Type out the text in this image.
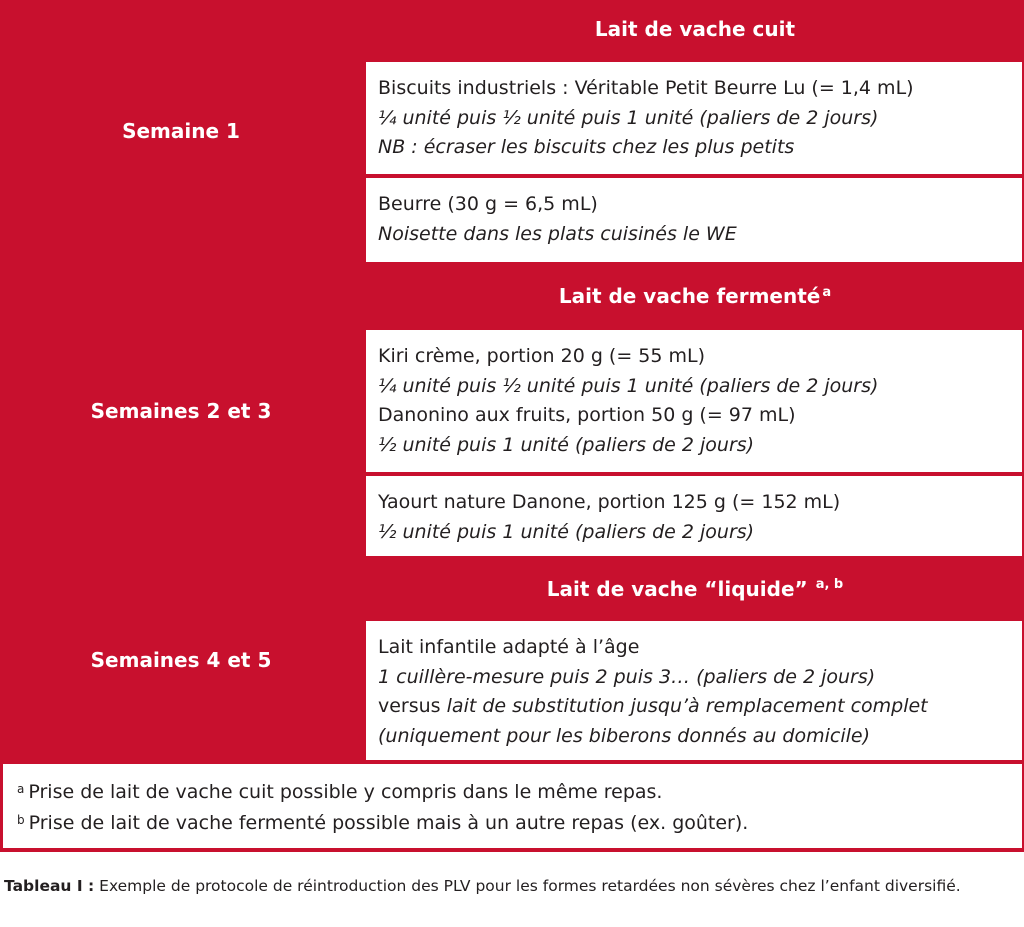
Semaine 1
Semaines 2 et 3
Semaines 4 et 5
Lait de vache cuit
Lait de vache fermenté$^a$
Lait de vache “liquide” $^{a, b}$
Biscuits industriels : Véritable Petit Beurre Lu (= 1,4 mL)
¼ unité puis ½ unité puis 1 unité (paliers de 2 jours)
NB : écraser les biscuits chez les plus petits
Beurre (30 g = 6,5 mL)
Noisette dans les plats cuisinés le WE
Kiri crème, portion 20 g (= 55 mL)
¼ unité puis ½ unité puis 1 unité (paliers de 2 jours)
Danonino aux fruits, portion 50 g (= 97 mL)
½ unité puis 1 unité (paliers de 2 jours)
Yaourt nature Danone, portion 125 g (= 152 mL)
½ unité puis 1 unité (paliers de 2 jours)
Lait infantile adapté à l’âge
1 cuillère-mesure puis 2 puis 3… (paliers de 2 jours)
versus lait de substitution jusqu’à remplacement complet
(uniquement pour les biberons donnés au domicile)
$^a$ Prise de lait de vache cuit possible y compris dans le même repas.
$^b$ Prise de lait de vache fermenté possible mais à un autre repas (ex. goûter).
Tableau I : Exemple de protocole de réintroduction des PLV pour les formes retardées non sévères chez l’enfant diversifié.
